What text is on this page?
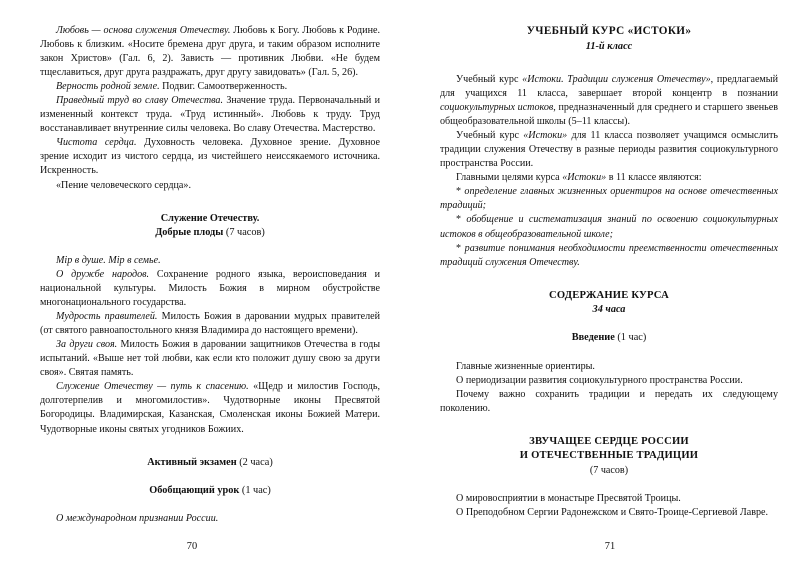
Любовь — основа служения Отечеству. Любовь к Богу. Любовь к Родине. Любовь к близким. «Носите бремена друг друга, и таким образом исполните закон Христов» (Гал. 6, 2). Зависть — противник Любви. «Не будем тщеславиться, друг друга раздражать, друг другу завидовать» (Гал. 5, 26).

Верность родной земле. Подвиг. Самоотверженность.

Праведный труд во славу Отечества. Значение труда. Первоначальный и измененный контекст труда. «Труд истинный». Любовь к труду. Труд восстанавливает внутренние силы человека. Во славу Отечества. Мастерство.

Чистота сердца. Духовность человека. Духовное зрение. Духовное зрение исходит из чистого сердца, из чистейшего неиссякаемого источника. Искренность.

«Пение человеческого сердца».

Служение Отечеству.
Добрые плоды (7 часов)

Мір в душе. Мір в семье.

О дружбе народов. Сохранение родного языка, вероисповедания и национальной культуры. Милость Божия в мирном обустройстве многонационального государства.

Мудрость правителей. Милость Божия в даровании мудрых правителей (от святого равноапостольного князя Владимира до настоящего времени).

За други своя. Милость Божия в даровании защитников Отечества в годы испытаний. «Выше нет той любви, как если кто положит душу свою за други своя». Святая память.

Служение Отечеству — путь к спасению. «Щедр и милостив Господь, долготерпелив и многомилостив». Чудотворные иконы Пресвятой Богородицы. Владимирская, Казанская, Смоленская иконы Божией Матери. Чудотворные иконы святых угодников Божиих.

Активный экзамен (2 часа)
Обобщающий урок (1 час)

О международном признании России.

70
УЧЕБНЫЙ КУРС «ИСТОКИ»
11-й класс

Учебный курс «Истоки. Традиции служения Отечеству», предлагаемый для учащихся 11 класса, завершает второй концентр в познании социокультурных истоков, предназначенный для среднего и старшего звеньев общеобразовательной школы (5–11 классы).

Учебный курс «Истоки» для 11 класса позволяет учащимся осмыслить традиции служения Отечеству в разные периоды развития социокультурного пространства России.

Главными целями курса «Истоки» в 11 классе являются:

* определение главных жизненных ориентиров на основе отечественных традиций;

* обобщение и систематизация знаний по освоению социокультурных истоков в общеобразовательной школе;

* развитие понимания необходимости преемственности отечественных традиций служения Отечеству.

СОДЕРЖАНИЕ КУРСА
34 часа
Введение (1 час)

Главные жизненные ориентиры.

О периодизации развития социокультурного пространства России.

Почему важно сохранить традиции и передать их следующему поколению.

ЗВУЧАЩЕЕ СЕРДЦЕ РОССИИ
И ОТЕЧЕСТВЕННЫЕ ТРАДИЦИИ
(7 часов)

О мировосприятии в монастыре Пресвятой Троицы.

О Преподобном Сергии Радонежском и Свято-Троице-Сергиевой Лавре.

71
